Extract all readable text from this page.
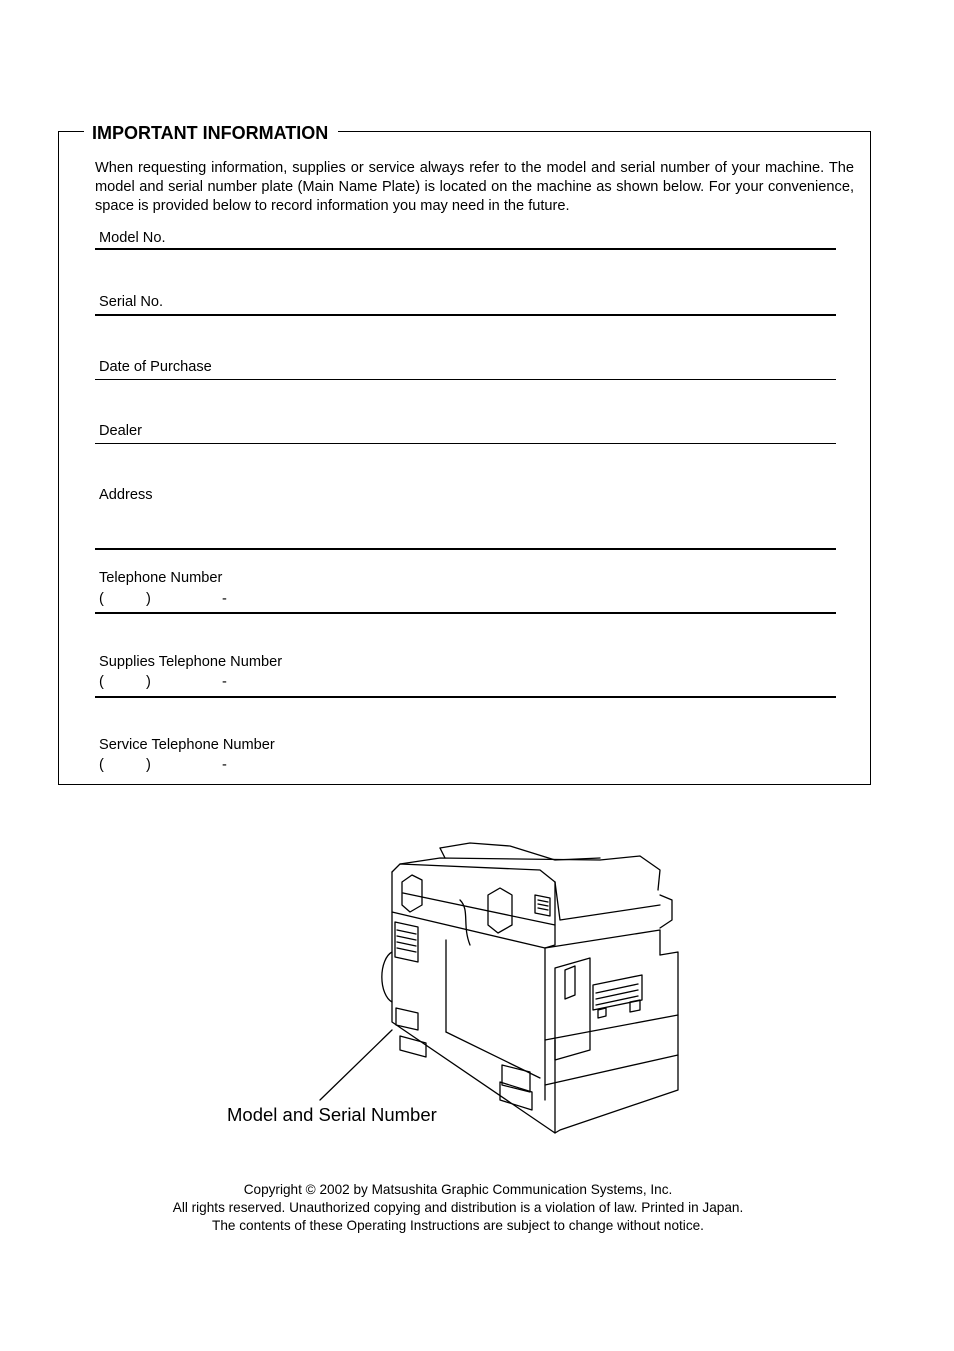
IMPORTANT INFORMATION
When requesting information, supplies or service always refer to the model and serial number of your machine. The model and serial number plate (Main Name Plate) is located on the machine as shown below. For your convenience, space is provided below to record information you may need in the future.
Model No.
Serial No.
Date of Purchase
Dealer
Address
Telephone Number
(	)	-
Supplies Telephone Number
(	)	-
Service Telephone Number
(	)	-
Model and Serial Number
Copyright © 2002 by Matsushita Graphic Communication Systems, Inc.
All rights reserved. Unauthorized copying and distribution is a violation of law. Printed in Japan.
The contents of these Operating Instructions are subject to change without notice.
